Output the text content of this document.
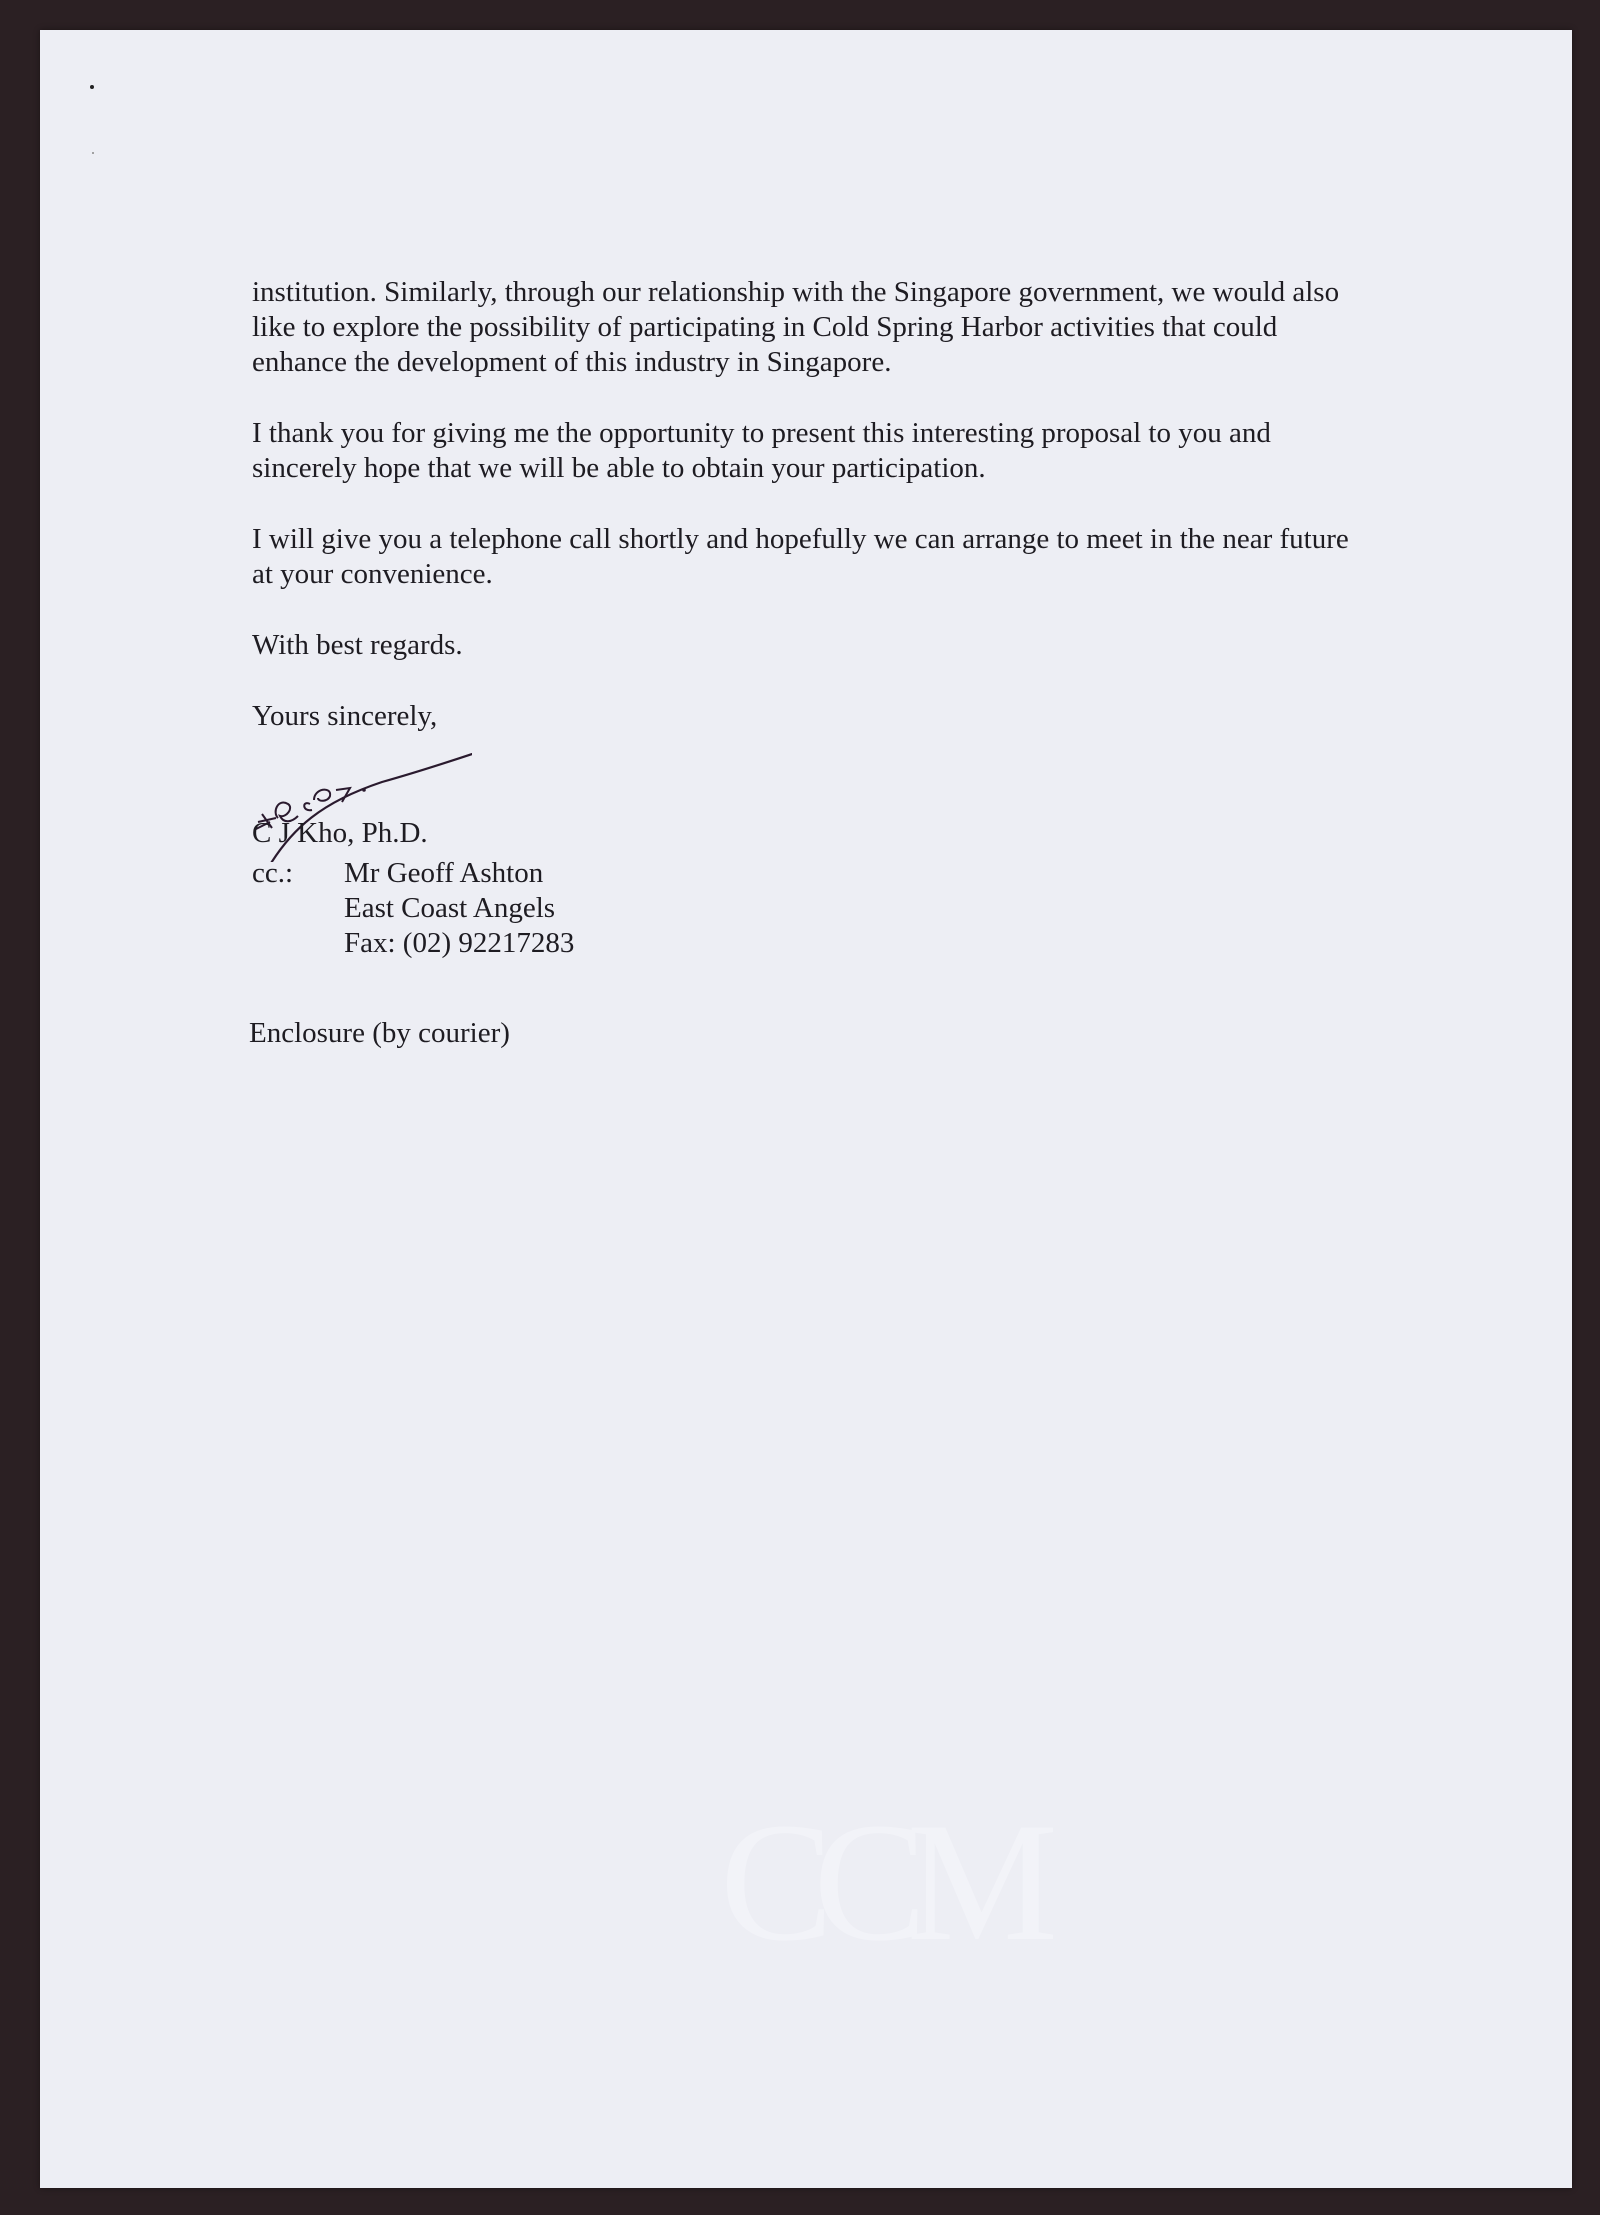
CCM

institution. Similarly, through our relationship with the Singapore government, we would also like to explore the possibility of participating in Cold Spring Harbor activities that could enhance the development of this industry in Singapore.

I thank you for giving me the opportunity to present this interesting proposal to you and sincerely hope that we will be able to obtain your participation.

I will give you a telephone call shortly and hopefully we can arrange to meet in the near future at your convenience.

With best regards.

Yours sincerely,

C J Kho, Ph.D.
cc.:	Mr Geoff Ashton
East Coast Angels
Fax: (02) 92217283
Enclosure (by courier)
